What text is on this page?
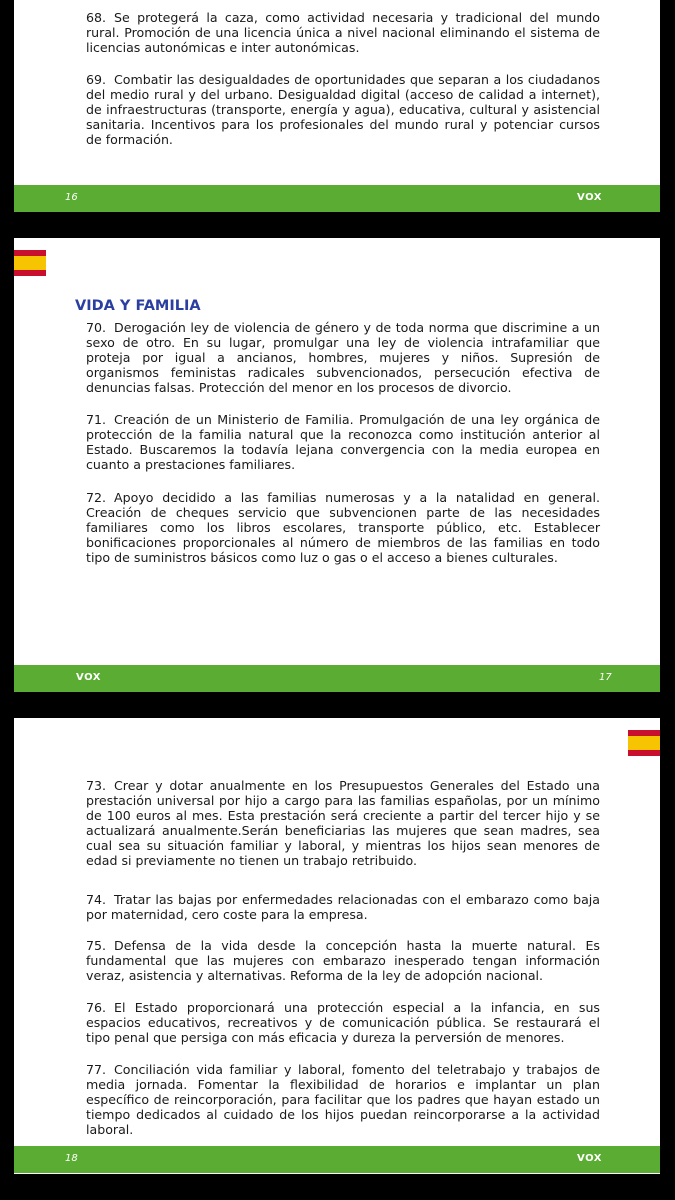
68. Se protegerá la caza, como actividad necesaria y tradicional del mundo rural. Promoción de una licencia única a nivel nacional eliminando el sistema de licencias autonómicas e inter autonómicas.
69. Combatir las desigualdades de oportunidades que separan a los ciudadanos del medio rural y del urbano. Desigualdad digital (acceso de calidad a internet), de infraestructuras (transporte, energía y agua), educativa, cultural y asistencial sanitaria. Incentivos para los profesionales del mundo rural y potenciar cursos de formación.
16	VOX
VIDA Y FAMILIA
70. Derogación ley de violencia de género y de toda norma que discrimine a un sexo de otro. En su lugar, promulgar una ley de violencia intrafamiliar que proteja por igual a ancianos, hombres, mujeres y niños. Supresión de organismos feministas radicales subvencionados, persecución efectiva de denuncias falsas. Protección del menor en los procesos de divorcio.
71. Creación de un Ministerio de Familia. Promulgación de una ley orgánica de protección de la familia natural que la reconozca como institución anterior al Estado. Buscaremos la todavía lejana convergencia con la media europea en cuanto a prestaciones familiares.
72. Apoyo decidido a las familias numerosas y a la natalidad en general. Creación de cheques servicio que subvencionen parte de las necesidades familiares como los libros escolares, transporte público, etc. Establecer bonificaciones proporcionales al número de miembros de las familias en todo tipo de suministros básicos como luz o gas o el acceso a bienes culturales.
VOX	17
73. Crear y dotar anualmente en los Presupuestos Generales del Estado una prestación universal por hijo a cargo para las familias españolas, por un mínimo de 100 euros al mes. Esta prestación será creciente a partir del tercer hijo y se actualizará anualmente.Serán beneficiarias las mujeres que sean madres, sea cual sea su situación familiar y laboral, y mientras los hijos sean menores de edad si previamente no tienen un trabajo retribuido.
74. Tratar las bajas por enfermedades relacionadas con el embarazo como baja por maternidad, cero coste para la empresa.
75. Defensa de la vida desde la concepción hasta la muerte natural. Es fundamental que las mujeres con embarazo inesperado tengan información veraz, asistencia y alternativas. Reforma de la ley de adopción nacional.
76. El Estado proporcionará una protección especial a la infancia, en sus espacios educativos, recreativos y de comunicación pública. Se restaurará el tipo penal que persiga con más eficacia y dureza la perversión de menores.
77. Conciliación vida familiar y laboral, fomento del teletrabajo y trabajos de media jornada. Fomentar la flexibilidad de horarios e implantar un plan específico de reincorporación, para facilitar que los padres que hayan estado un tiempo dedicados al cuidado de los hijos puedan reincorporarse a la actividad laboral.
18	VOX
